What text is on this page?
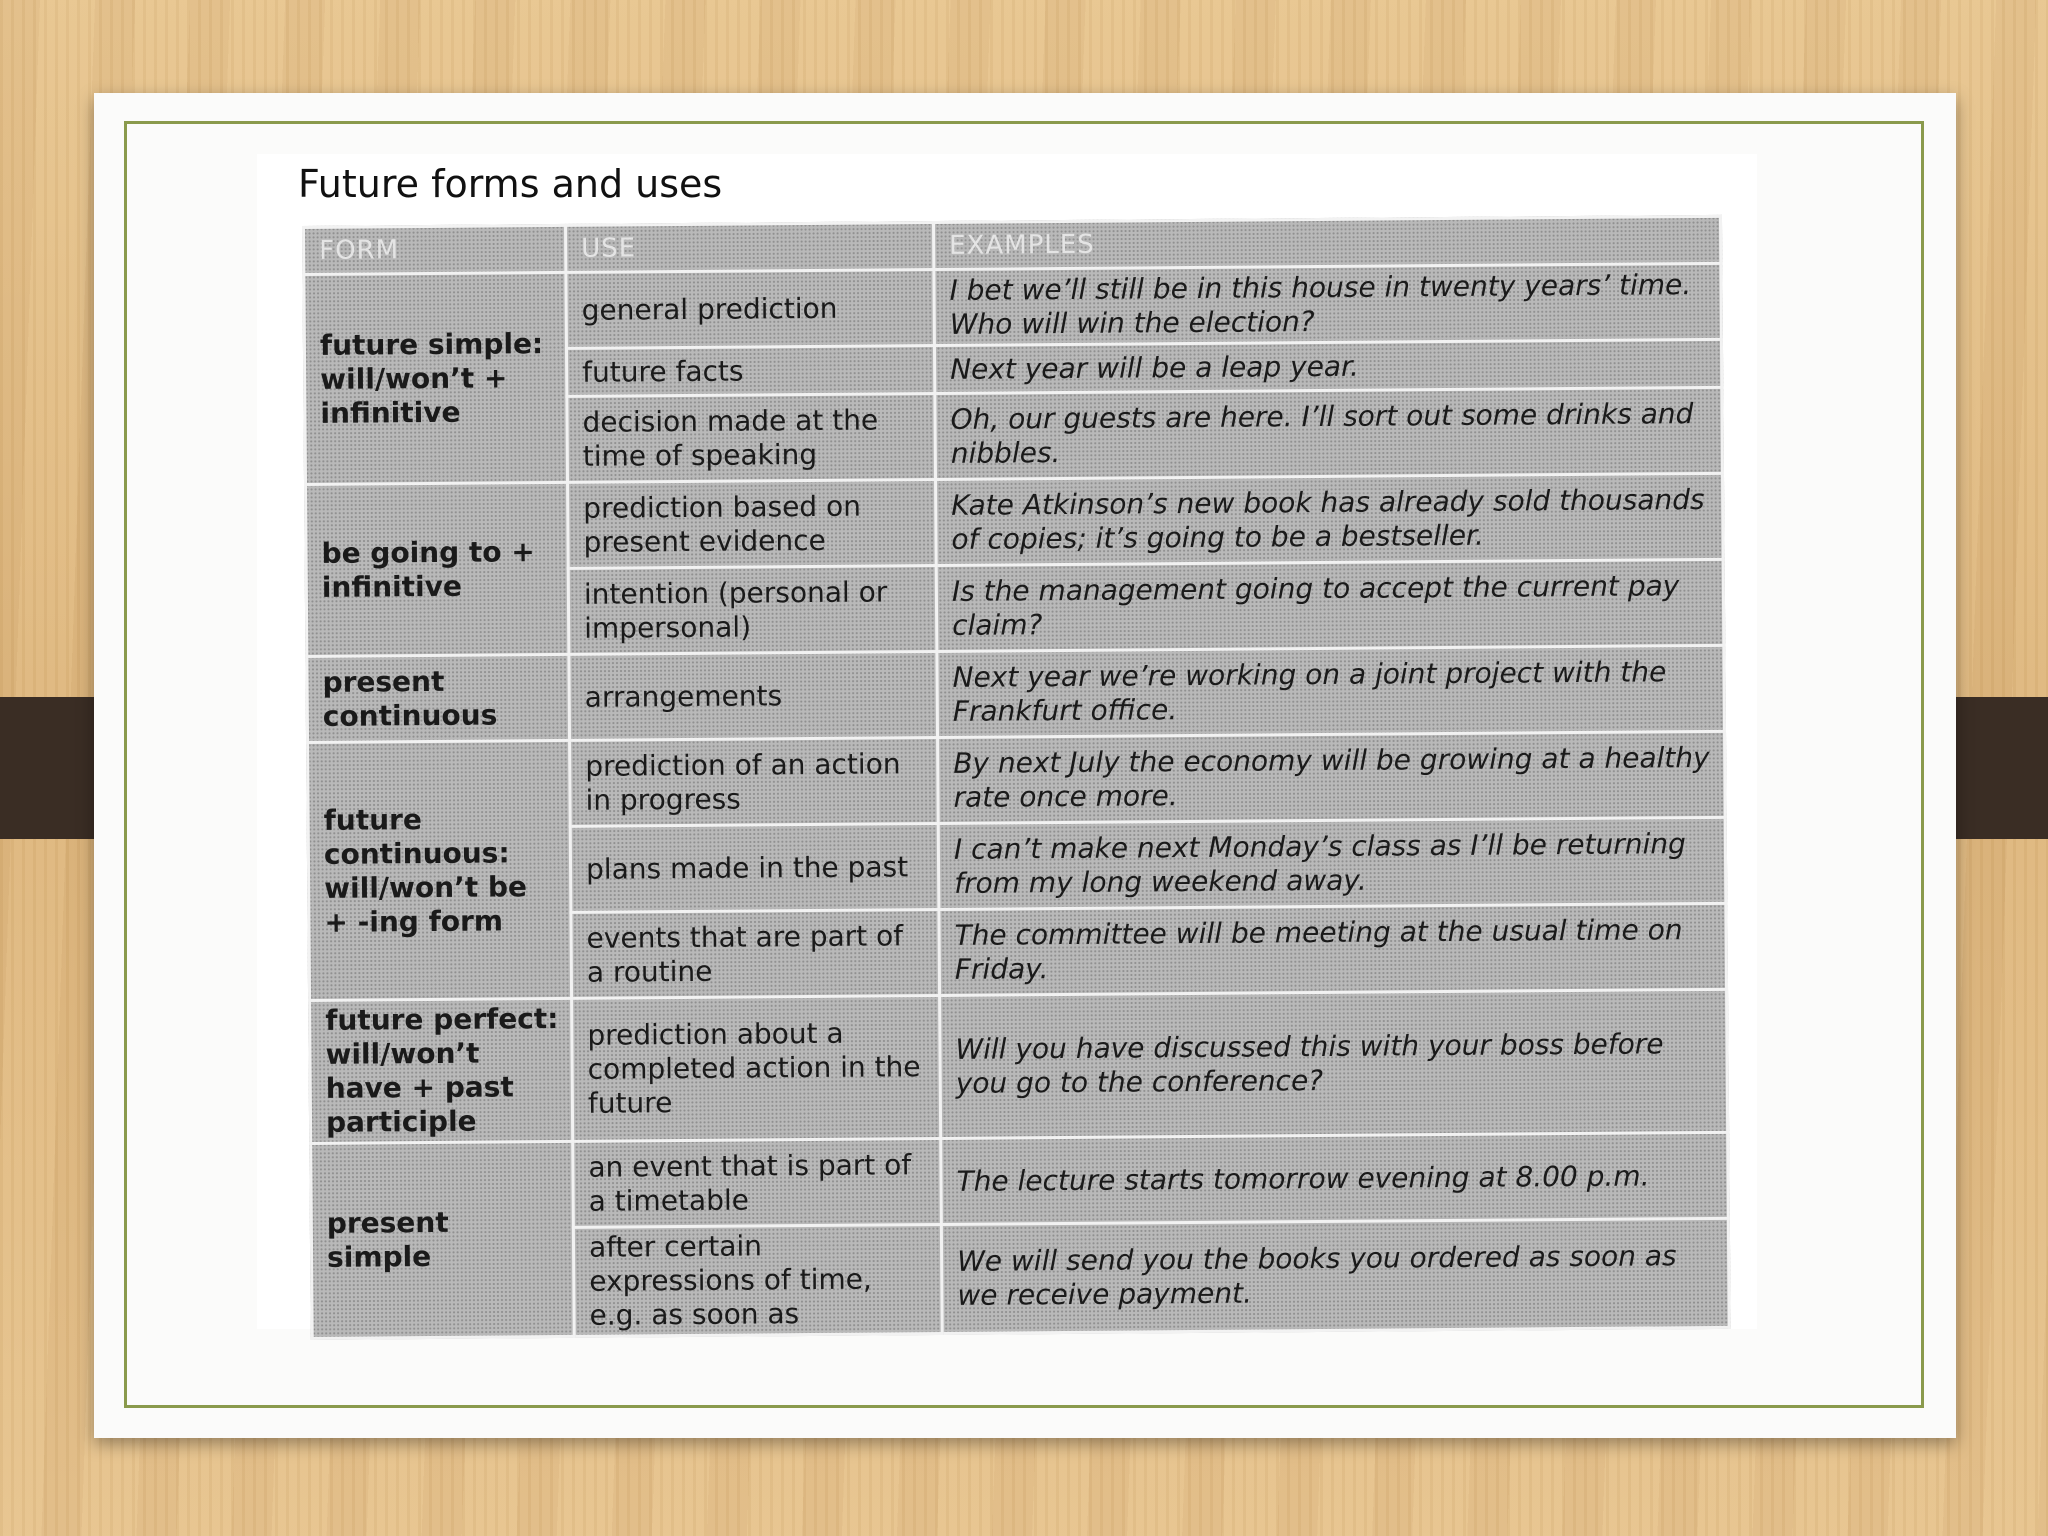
Future forms and uses
FORM	USE	EXAMPLES
future simple: will/won’t + infinitive	general prediction	I bet we’ll still be in this house in twenty years’ time. Who will win the election?
	future facts	Next year will be a leap year.
	decision made at the time of speaking	Oh, our guests are here. I’ll sort out some drinks and nibbles.
be going to + infinitive	prediction based on present evidence	Kate Atkinson’s new book has already sold thousands of copies; it’s going to be a bestseller.
	intention (personal or impersonal)	Is the management going to accept the current pay claim?
present continuous	arrangements	Next year we’re working on a joint project with the Frankfurt office.
future continuous: will/won’t be + -ing form	prediction of an action in progress	By next July the economy will be growing at a healthy rate once more.
	plans made in the past	I can’t make next Monday’s class as I’ll be returning from my long weekend away.
	events that are part of a routine	The committee will be meeting at the usual time on Friday.
future perfect: will/won’t have + past participle	prediction about a completed action in the future	Will you have discussed this with your boss before you go to the conference?
present simple	an event that is part of a timetable	The lecture starts tomorrow evening at 8.00 p.m.
	after certain expressions of time, e.g. as soon as	We will send you the books you ordered as soon as we receive payment.
